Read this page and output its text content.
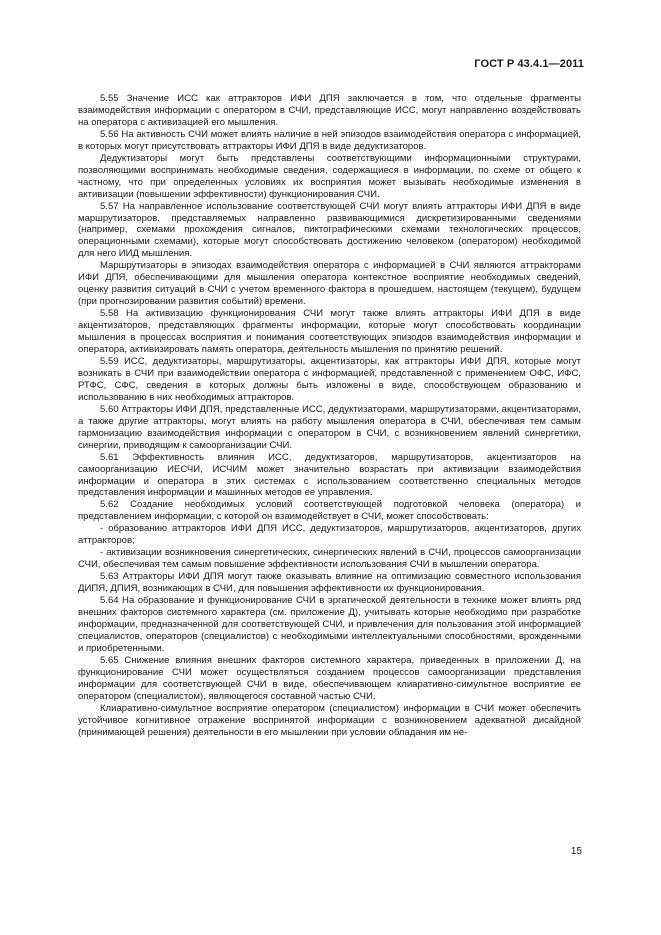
ГОСТ Р 43.4.1—2011

5.55 Значение ИСС как аттракторов ИФИ ДПЯ заключается в том, что отдельные фрагменты взаимодействия информации с оператором в СЧИ, представляющие ИСС, могут направленно воздействовать на оператора с активизацией его мышления.

5.56 На активность СЧИ может влиять наличие в ней эпизодов взаимодействия оператора с информацией, в которых могут присутствовать аттракторы ИФИ ДПЯ в виде дедуктизаторов.

Дедуктизаторы могут быть представлены соответствующими информационными структурами, позволяющими воспринимать необходимые сведения, содержащиеся в информации, по схеме от общего к частному, что при определенных условиях их восприятия может вызывать необходимые изменения в активизации (повышении эффективности) функционирования СЧИ.

5.57 На направленное использование соответствующей СЧИ могут влиять аттракторы ИФИ ДПЯ в виде маршрутизаторов, представляемых направленно развивающимися дискретизированными сведениями (например, схемами прохождения сигналов, пиктографическими схемами технологических процессов, операционными схемами), которые могут способствовать достижению человеком (оператором) необходимой для него ИИД мышления.

Маршрутизаторы в эпизодах взаимодействия оператора с информацией в СЧИ являются аттракторами ИФИ ДПЯ, обеспечивающими для мышления оператора контекстное восприятие необходимых сведений, оценку развития ситуаций в СЧИ с учетом временного фактора в прошедшем, настоящем (текущем), будущем (при прогнозировании развития событий) времени.

5.58 На активизацию функционирования СЧИ могут также влиять аттракторы ИФИ ДПЯ в виде акцентизаторов, представляющих фрагменты информации, которые могут способствовать координации мышления в процессах восприятия и понимания соответствующих эпизодов взаимодействия информации и оператора, активизировать память оператора, деятельность мышления по принятию решений.

5.59 ИСС, дедуктизаторы, маршрутизаторы, акцентизаторы, как аттракторы ИФИ ДПЯ, которые могут возникать в СЧИ при взаимодействии оператора с информацией, представленной с применением ОФС, ИФС, РТФС, СФС, сведения в которых должны быть изложены в виде, способствующем образованию и использованию в них необходимых аттракторов.

5.60 Аттракторы ИФИ ДПЯ, представленные ИСС, дедуктизаторами, маршрутизаторами, акцентизаторами, а также другие аттракторы, могут влиять на работу мышления оператора в СЧИ, обеспечивая тем самым гармонизацию взаимодействия информации с оператором в СЧИ, с возникновением явлений синергетики, синергии, приводящим к самоорганизации СЧИ.

5.61 Эффективность влияния ИСС, дедуктизаторов, маршрутизаторов, акцентизаторов на самоорганизацию ИЕСЧИ, ИСЧИМ может значительно возрастать при активизации взаимодействия информации и оператора в этих системах с использованием соответственно специальных методов представления информации и машинных методов ее управления.

5.62 Создание необходимых условий соответствующей подготовкой человека (оператора) и представлением информации, с которой он взаимодействует в СЧИ, может способствовать:

- образованию аттракторов ИФИ ДПЯ ИСС, дедуктизаторов, маршрутизаторов, акцентизаторов, других аттракторов;

- активизации возникновения синергетических, синергических явлений в СЧИ, процессов самоорганизации СЧИ, обеспечивая тем самым повышение эффективности использования СЧИ в мышлении оператора.

5.63 Аттракторы ИФИ ДПЯ могут также оказывать влияние на оптимизацию совместного использования ДИПЯ, ДПИЯ, возникающих в СЧИ, для повышения эффективности их функционирования.

5.64 На образование и функционирование СЧИ в эргатической деятельности в технике может влиять ряд внешних факторов системного характера (см. приложение Д), учитывать которые необходимо при разработке информации, предназначенной для соответствующей СЧИ, и привлечения для пользования этой информацией специалистов, операторов (специалистов) с необходимыми интеллектуальными способностями, врожденными и приобретенными.

5.65 Снижение влияния внешних факторов системного характера, приведенных в приложении Д, на функционирование СЧИ может осуществляться созданием процессов самоорганизации представления информации для соответствующей СЧИ в виде, обеспечивающем клиаративно-симультное восприятие ее оператором (специалистом), являющегося составной частью СЧИ.

Клиаративно-симультное восприятие оператором (специалистом) информации в СЧИ может обеспечить устойчивое когнитивное отражение воспринятой информации с возникновением адекватной дисайдной (принимающей решения) деятельности в его мышлении при условии обладания им не-

15
